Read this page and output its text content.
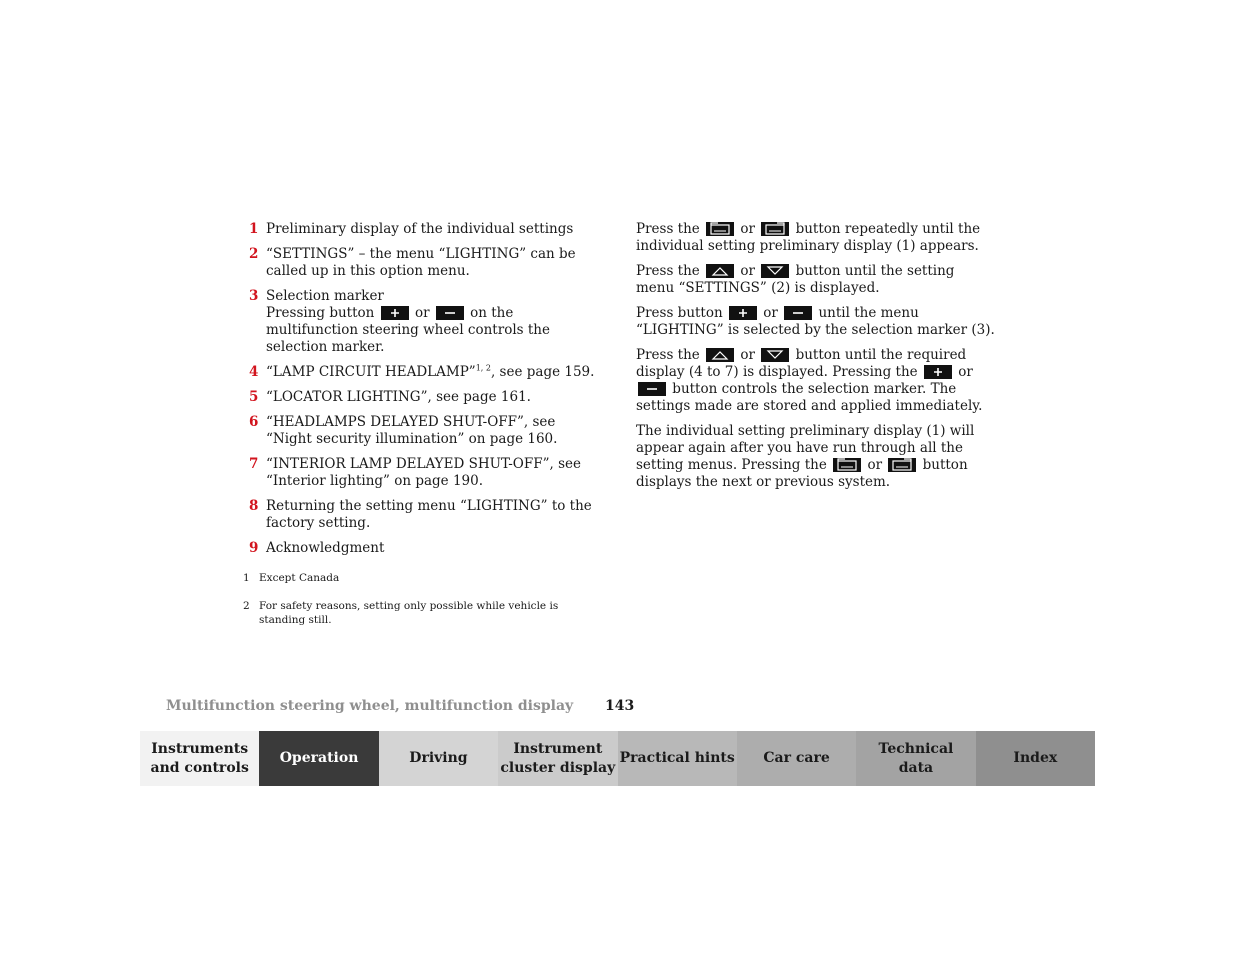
1 Preliminary display of the individual settings
2 “SETTINGS” – the menu “LIGHTING” can be called up in this option menu.
3 Selection marker
Pressing button	or	on the multifunction steering wheel controls the selection marker.
4 “LAMP CIRCUIT HEADLAMP”$^{1, 2}$, see page 159.
5 “LOCATOR LIGHTING”, see page 161.
6 “HEADLAMPS DELAYED SHUT-OFF”, see “Night security illumination” on page 160.
7 “INTERIOR LAMP DELAYED SHUT-OFF”, see “Interior lighting” on page 190.
8 Returning the setting menu “LIGHTING” to the factory setting.
9 Acknowledgment
1 Except Canada
2 For safety reasons, setting only possible while vehicle is standing still.
Press the	or	button repeatedly until the individual setting preliminary display (1) appears.
Press the	or	button until the setting menu “SETTINGS” (2) is displayed.
Press button	or	until the menu “LIGHTING” is selected by the selection marker (3).
Press the	or	button until the required display (4 to 7) is displayed. Pressing the	or
button controls the selection marker. The settings made are stored and applied immediately.
The individual setting preliminary display (1) will appear again after you have run through all the setting menus. Pressing the	or	button displays the next or previous system.
Multifunction steering wheel, multifunction display 143
Instruments
and controls
Operation	Driving
Instrument
cluster display
Practical hints	Car care
Technical
data
Index
